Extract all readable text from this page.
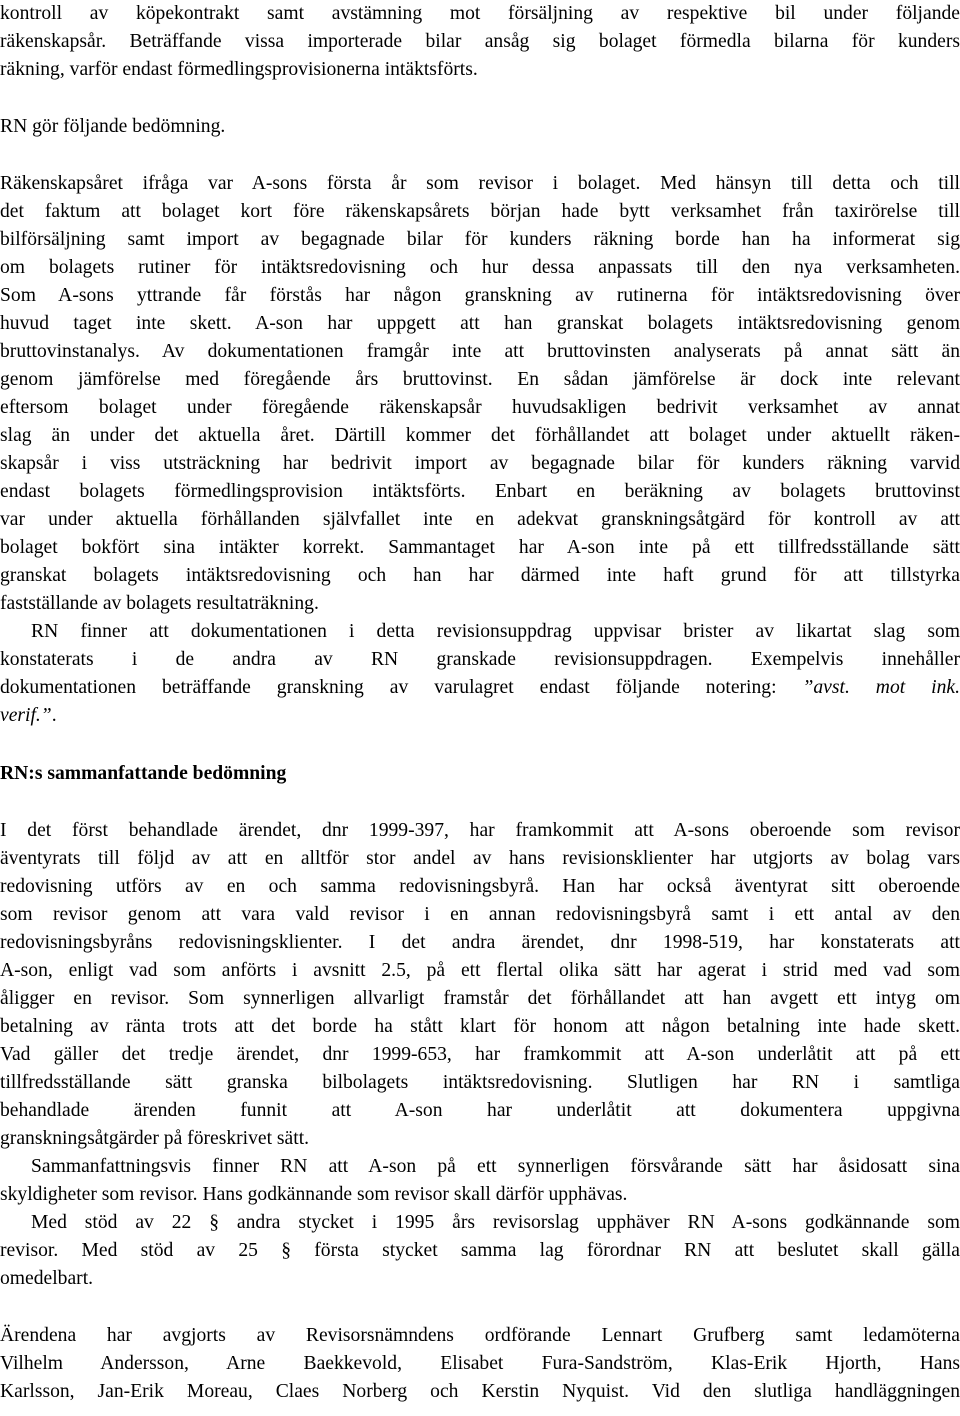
kontroll av köpekontrakt samt avstämning mot försäljning av respektive bil under följande
räkenskapsår. Beträffande vissa importerade bilar ansåg sig bolaget förmedla bilarna för kunders
räkning, varför endast förmedlingsprovisionerna intäktsförts.
RN gör följande bedömning.
Räkenskapsåret ifråga var A-sons första år som revisor i bolaget. Med hänsyn till detta och till
det faktum att bolaget kort före räkenskapsårets början hade bytt verksamhet från taxirörelse till
bilförsäljning samt import av begagnade bilar för kunders räkning borde han ha informerat sig
om bolagets rutiner för intäktsredovisning och hur dessa anpassats till den nya verksamheten.
Som A-sons yttrande får förstås har någon granskning av rutinerna för intäktsredovisning över
huvud taget inte skett. A-son har uppgett att han granskat bolagets intäktsredovisning genom
bruttovinstanalys. Av dokumentationen framgår inte att bruttovinsten analyserats på annat sätt än
genom jämförelse med föregående års bruttovinst. En sådan jämförelse är dock inte relevant
eftersom bolaget under föregående räkenskapsår huvudsakligen bedrivit verksamhet av annat
slag än under det aktuella året. Därtill kommer det förhållandet att bolaget under aktuellt räken-
skapsår i viss utsträckning har bedrivit import av begagnade bilar för kunders räkning varvid
endast bolagets förmedlingsprovision intäktsförts. Enbart en beräkning av bolagets bruttovinst
var under aktuella förhållanden självfallet inte en adekvat granskningsåtgärd för kontroll av att
bolaget bokfört sina intäkter korrekt. Sammantaget har A-son inte på ett tillfredsställande sätt
granskat bolagets intäktsredovisning och han har därmed inte haft grund för att tillstyrka
fastställande av bolagets resultaträkning.
RN finner att dokumentationen i detta revisionsuppdrag uppvisar brister av likartat slag som
konstaterats i de andra av RN granskade revisionsuppdragen. Exempelvis innehåller
dokumentationen beträffande granskning av varulagret endast följande notering: ”avst. mot ink.
verif.”.
RN:s sammanfattande bedömning
I det först behandlade ärendet, dnr 1999-397, har framkommit att A-sons oberoende som revisor
äventyrats till följd av att en alltför stor andel av hans revisionsklienter har utgjorts av bolag vars
redovisning utförs av en och samma redovisningsbyrå. Han har också äventyrat sitt oberoende
som revisor genom att vara vald revisor i en annan redovisningsbyrå samt i ett antal av den
redovisningsbyråns redovisningsklienter. I det andra ärendet, dnr 1998-519, har konstaterats att
A-son, enligt vad som anförts i avsnitt 2.5, på ett flertal olika sätt har agerat i strid med vad som
åligger en revisor. Som synnerligen allvarligt framstår det förhållandet att han avgett ett intyg om
betalning av ränta trots att det borde ha stått klart för honom att någon betalning inte hade skett.
Vad gäller det tredje ärendet, dnr 1999-653, har framkommit att A-son underlåtit att på ett
tillfredsställande sätt granska bilbolagets intäktsredovisning. Slutligen har RN i samtliga
behandlade ärenden funnit att A-son har underlåtit att dokumentera uppgivna
granskningsåtgärder på föreskrivet sätt.
Sammanfattningsvis finner RN att A-son på ett synnerligen försvårande sätt har åsidosatt sina
skyldigheter som revisor. Hans godkännande som revisor skall därför upphävas.
Med stöd av 22 § andra stycket i 1995 års revisorslag upphäver RN A-sons godkännande som
revisor. Med stöd av 25 § första stycket samma lag förordnar RN att beslutet skall gälla
omedelbart.
Ärendena har avgjorts av Revisorsnämndens ordförande Lennart Grufberg samt ledamöterna
Vilhelm Andersson, Arne Baekkevold, Elisabet Fura-Sandström, Klas-Erik Hjorth, Hans
Karlsson, Jan-Erik Moreau, Claes Norberg och Kerstin Nyquist. Vid den slutliga handläggningen
